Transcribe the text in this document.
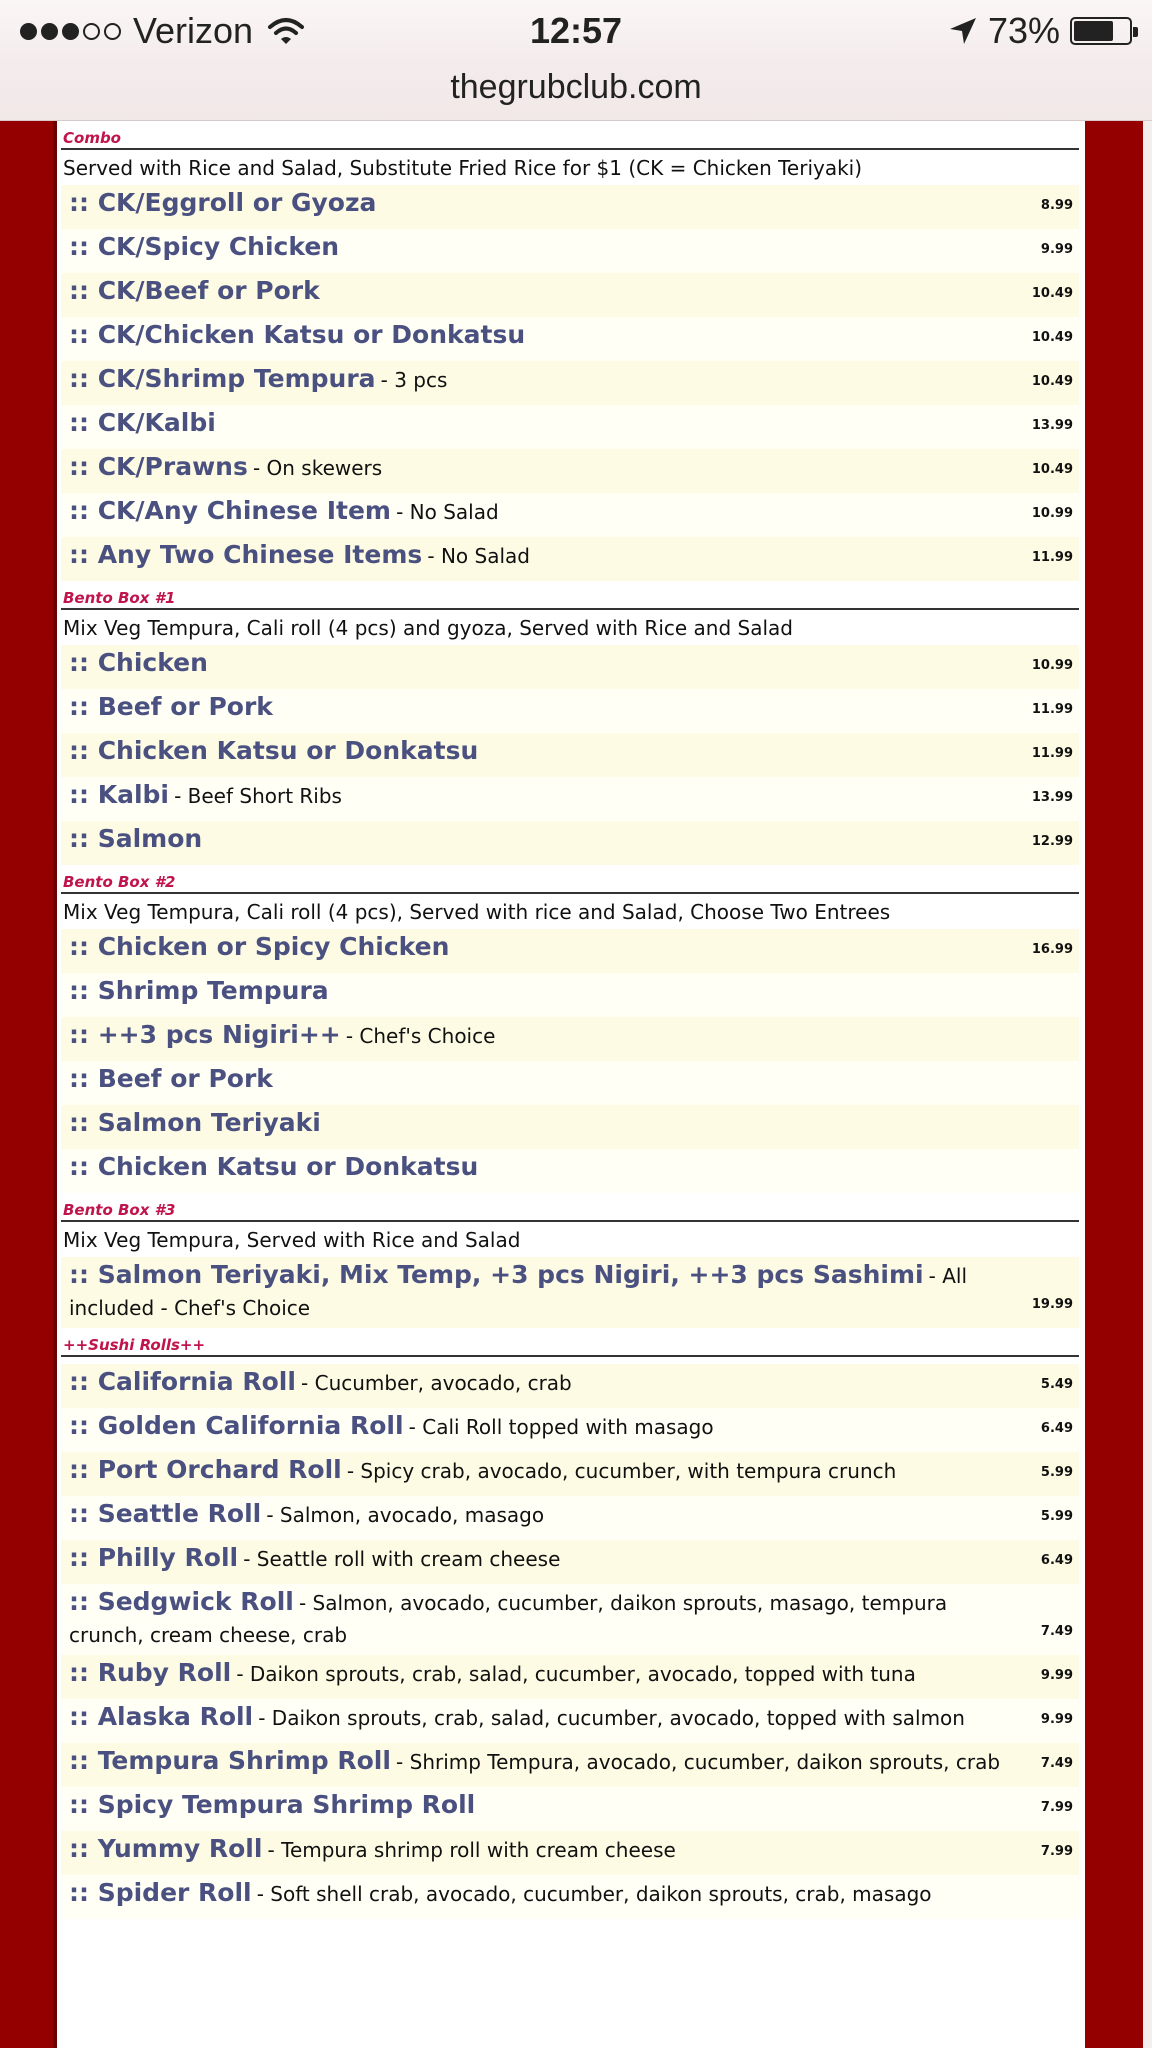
Verizon	12:57	73%
thegrubclub.com
Combo
Served with Rice and Salad, Substitute Fried Rice for $1 (CK = Chicken Teriyaki)
:: CK/Eggroll or Gyoza	8.99
:: CK/Spicy Chicken	9.99
:: CK/Beef or Pork	10.49
:: CK/Chicken Katsu or Donkatsu	10.49
:: CK/Shrimp Tempura - 3 pcs	10.49
:: CK/Kalbi	13.99
:: CK/Prawns - On skewers	10.49
:: CK/Any Chinese Item - No Salad	10.99
:: Any Two Chinese Items - No Salad	11.99
Bento Box #1
Mix Veg Tempura, Cali roll (4 pcs) and gyoza, Served with Rice and Salad
:: Chicken	10.99
:: Beef or Pork	11.99
:: Chicken Katsu or Donkatsu	11.99
:: Kalbi - Beef Short Ribs	13.99
:: Salmon	12.99
Bento Box #2
Mix Veg Tempura, Cali roll (4 pcs), Served with rice and Salad, Choose Two Entrees
:: Chicken or Spicy Chicken	16.99
:: Shrimp Tempura
:: ++3 pcs Nigiri++ - Chef's Choice
:: Beef or Pork
:: Salmon Teriyaki
:: Chicken Katsu or Donkatsu
Bento Box #3
Mix Veg Tempura, Served with Rice and Salad
:: Salmon Teriyaki, Mix Temp, +3 pcs Nigiri, ++3 pcs Sashimi - All included - Chef's Choice	19.99
++Sushi Rolls++
:: California Roll - Cucumber, avocado, crab	5.49
:: Golden California Roll - Cali Roll topped with masago	6.49
:: Port Orchard Roll - Spicy crab, avocado, cucumber, with tempura crunch	5.99
:: Seattle Roll - Salmon, avocado, masago	5.99
:: Philly Roll - Seattle roll with cream cheese	6.49
:: Sedgwick Roll - Salmon, avocado, cucumber, daikon sprouts, masago, tempura crunch, cream cheese, crab	7.49
:: Ruby Roll - Daikon sprouts, crab, salad, cucumber, avocado, topped with tuna	9.99
:: Alaska Roll - Daikon sprouts, crab, salad, cucumber, avocado, topped with salmon	9.99
:: Tempura Shrimp Roll - Shrimp Tempura, avocado, cucumber, daikon sprouts, crab	7.49
:: Spicy Tempura Shrimp Roll	7.99
:: Yummy Roll - Tempura shrimp roll with cream cheese	7.99
:: Spider Roll - Soft shell crab, avocado, cucumber, daikon sprouts, crab, masago
